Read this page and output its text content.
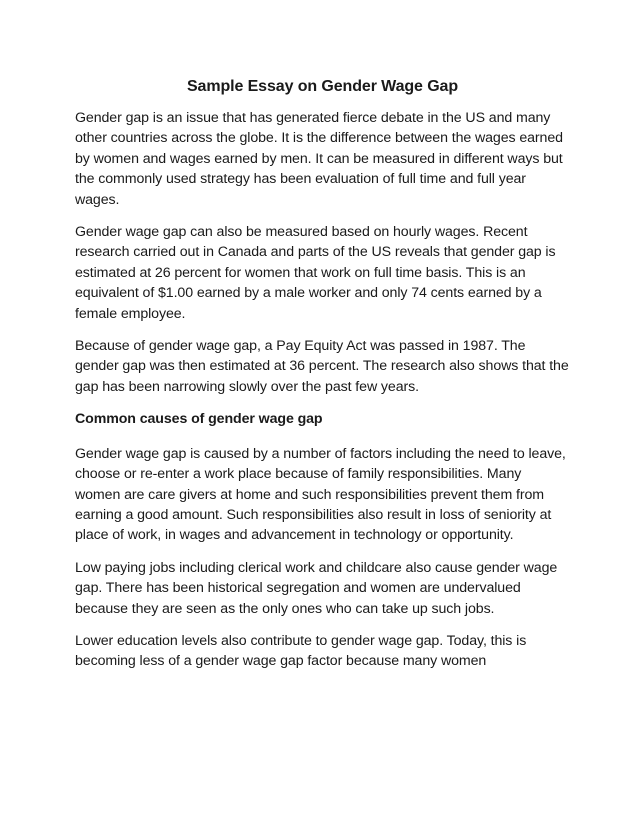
Sample Essay on Gender Wage Gap

Gender gap is an issue that has generated fierce debate in the US and many other countries across the globe. It is the difference between the wages earned by women and wages earned by men. It can be measured in different ways but the commonly used strategy has been evaluation of full time and full year wages.

Gender wage gap can also be measured based on hourly wages. Recent research carried out in Canada and parts of the US reveals that gender gap is estimated at 26 percent for women that work on full time basis. This is an equivalent of $1.00 earned by a male worker and only 74 cents earned by a female employee.

Because of gender wage gap, a Pay Equity Act was passed in 1987. The gender gap was then estimated at 36 percent. The research also shows that the gap has been narrowing slowly over the past few years.

Common causes of gender wage gap

Gender wage gap is caused by a number of factors including the need to leave, choose or re-enter a work place because of family responsibilities. Many women are care givers at home and such responsibilities prevent them from earning a good amount. Such responsibilities also result in loss of seniority at place of work, in wages and advancement in technology or opportunity.

Low paying jobs including clerical work and childcare also cause gender wage gap. There has been historical segregation and women are undervalued because they are seen as the only ones who can take up such jobs.

Lower education levels also contribute to gender wage gap. Today, this is becoming less of a gender wage gap factor because many women
